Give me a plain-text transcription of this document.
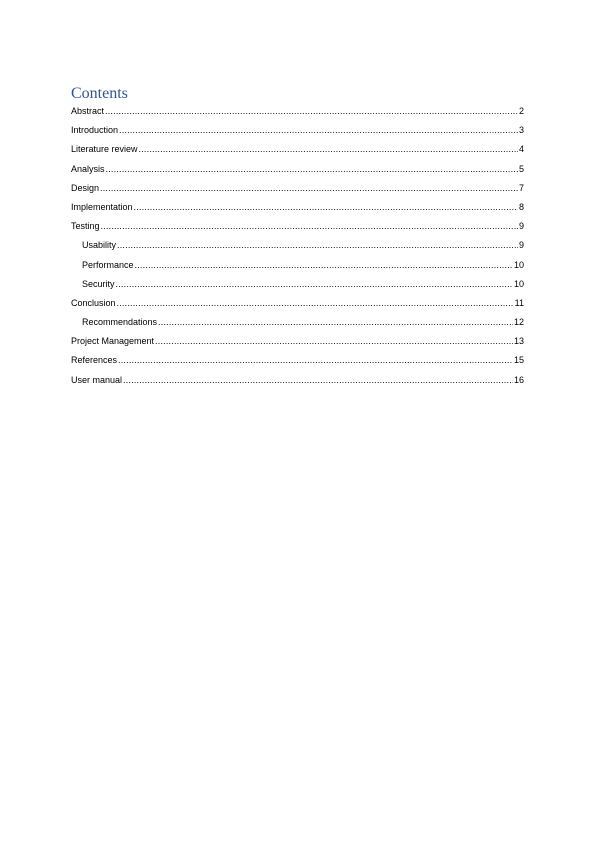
Contents
Abstract .....	2
Introduction .....	3
Literature review .....	4
Analysis .....	5
Design .....	7
Implementation .....	8
Testing .....	9
Usability .....	9
Performance .....	10
Security .....	10
Conclusion .....	11
Recommendations .....	12
Project Management .....	13
References .....	15
User manual .....	16
